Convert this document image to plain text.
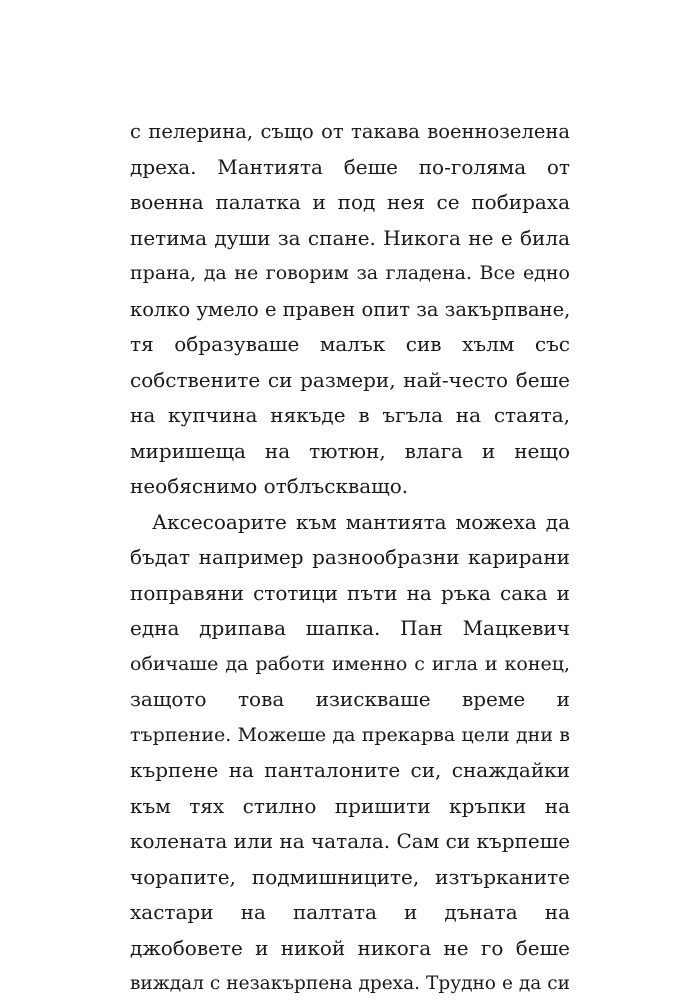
с пелерина, също от такава военнозелена
дреха. Мантията беше по-голяма от
военна палатка и под нея се побираха
петима души за спане. Никога не е била
прана, да не говорим за гладена. Все едно
колко умело е правен опит за закърпване,
тя образуваше малък сив хълм със
собствените си размери, най-често беше
на купчина някъде в ъгъла на стаята,
миришеща на тютюн, влага и нещо
необяснимо отблъскващо.
Аксесоарите към мантията можеха да
бъдат например разнообразни карирани
поправяни стотици пъти на ръка сака и
една дрипава шапка. Пан Мацкевич
обичаше да работи именно с игла и конец,
защото това изискваше време и
търпение. Можеше да прекарва цели дни в
кърпене на панталоните си, снаждайки
към тях стилно пришити кръпки на
колената или на чатала. Сам си кърпеше
чорапите, подмишниците, изтърканите
хастари на палтата и дъната на
джобовете и никой никога не го беше
виждал с незакърпена дреха. Трудно е да си
